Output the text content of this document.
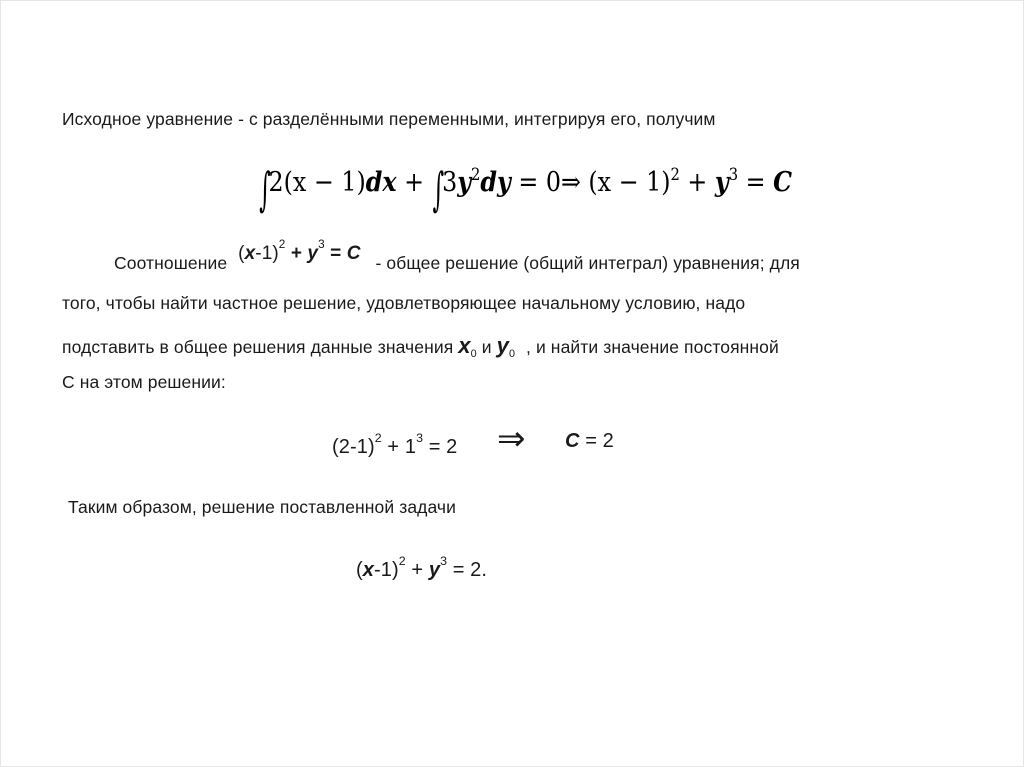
Исходное уравнение - с разделёнными переменными, интегрируя его, получим
$\int 2(x - 1)dx + \int 3y^2dy$ = 0⇒ $(x - 1)^2 + y^3 = C$
Соотношение $(x-1)^2 + y^3 = C$ - общее решение (общий интеграл) уравнения; для
того, чтобы найти частное решение, удовлетворяющее начальному условию, надо
подставить в общее решения данные значения $x_0$ и $y_0$ , и найти значение постоянной
С на этом решении:
$(2-1)^2 + 1^3 = 2$ ⇒ C = 2
Таким образом, решение поставленной задачи
$(x-1)^2 + y^3 = 2$.
